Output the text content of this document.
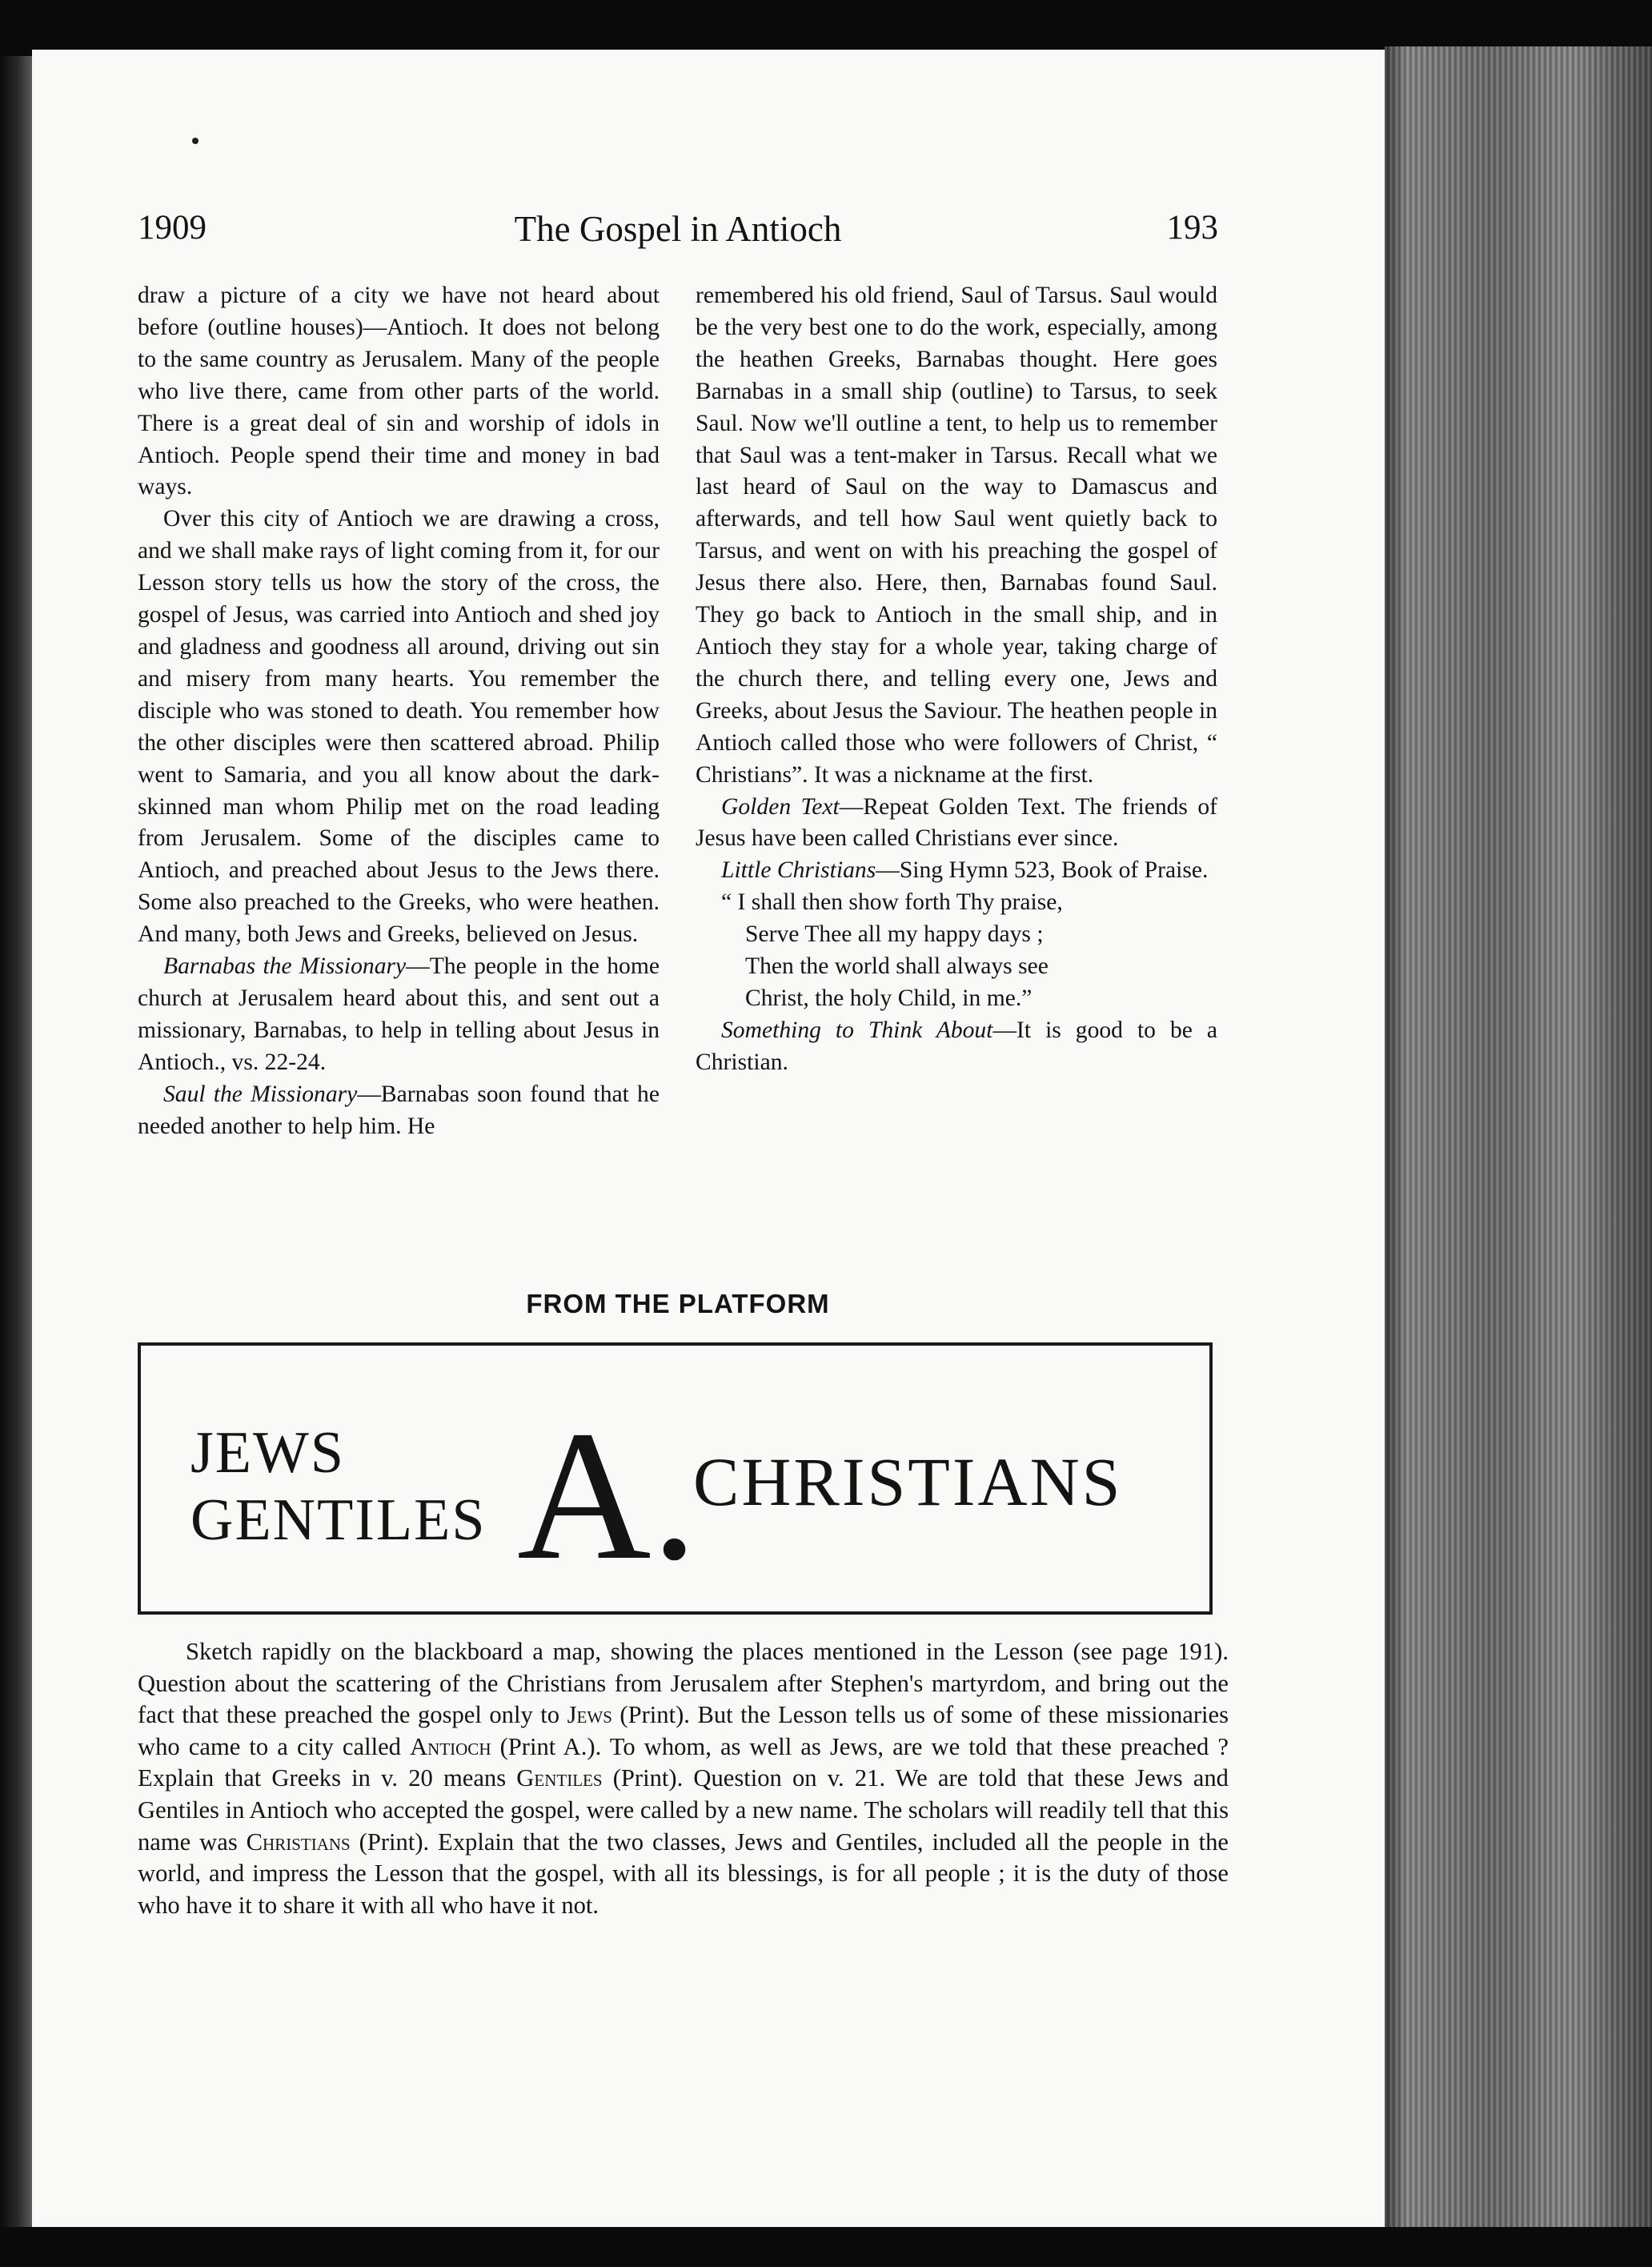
1909	The Gospel in Antioch	193

draw a picture of a city we have not heard about before (outline houses)—Antioch. It does not belong to the same country as Jerusalem. Many of the people who live there, came from other parts of the world. There is a great deal of sin and worship of idols in Antioch. People spend their time and money in bad ways.

Over this city of Antioch we are drawing a cross, and we shall make rays of light coming from it, for our Lesson story tells us how the story of the cross, the gospel of Jesus, was carried into Antioch and shed joy and gladness and goodness all around, driving out sin and misery from many hearts. You remember the disciple who was stoned to death. You remember how the other disciples were then scattered abroad. Philip went to Samaria, and you all know about the dark-skinned man whom Philip met on the road leading from Jerusalem. Some of the disciples came to Antioch, and preached about Jesus to the Jews there. Some also preached to the Greeks, who were heathen. And many, both Jews and Greeks, believed on Jesus.

Barnabas the Missionary—The people in the home church at Jerusalem heard about this, and sent out a missionary, Barnabas, to help in telling about Jesus in Antioch., vs. 22-24.

Saul the Missionary—Barnabas soon found that he needed another to help him. He

remembered his old friend, Saul of Tarsus. Saul would be the very best one to do the work, especially, among the heathen Greeks, Barnabas thought. Here goes Barnabas in a small ship (outline) to Tarsus, to seek Saul. Now we'll outline a tent, to help us to remember that Saul was a tent-maker in Tarsus. Recall what we last heard of Saul on the way to Damascus and afterwards, and tell how Saul went quietly back to Tarsus, and went on with his preaching the gospel of Jesus there also. Here, then, Barnabas found Saul. They go back to Antioch in the small ship, and in Antioch they stay for a whole year, taking charge of the church there, and telling every one, Jews and Greeks, about Jesus the Saviour. The heathen people in Antioch called those who were followers of Christ, “ Christians”. It was a nickname at the first.

Golden Text—Repeat Golden Text. The friends of Jesus have been called Christians ever since.

Little Christians—Sing Hymn 523, Book of Praise.

“ I shall then show forth Thy praise,

Serve Thee all my happy days ;

Then the world shall always see

Christ, the holy Child, in me.”

Something to Think About—It is good to be a Christian.

FROM THE PLATFORM
JEWS
GENTILES A.
CHRISTIANS

Sketch rapidly on the blackboard a map, showing the places mentioned in the Lesson (see page 191). Question about the scattering of the Christians from Jerusalem after Stephen's martyrdom, and bring out the fact that these preached the gospel only to Jews (Print). But the Lesson tells us of some of these missionaries who came to a city called Antioch (Print A.). To whom, as well as Jews, are we told that these preached ? Explain that Greeks in v. 20 means Gentiles (Print). Question on v. 21. We are told that these Jews and Gentiles in Antioch who accepted the gospel, were called by a new name. The scholars will readily tell that this name was Christians (Print). Explain that the two classes, Jews and Gentiles, included all the people in the world, and impress the Lesson that the gospel, with all its blessings, is for all people ; it is the duty of those who have it to share it with all who have it not.
